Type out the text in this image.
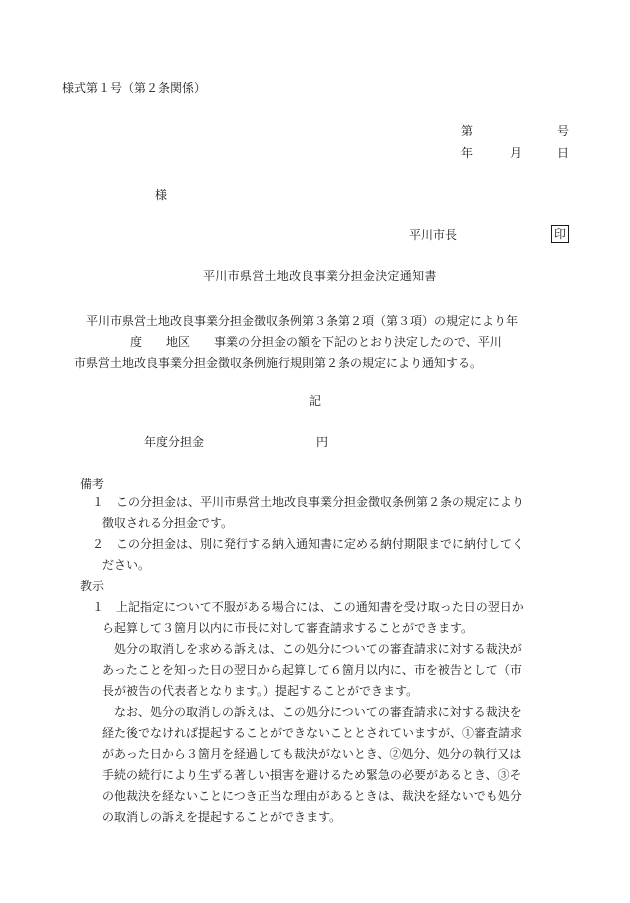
様式第１号（第２条関係）
第	号
年	月	日
様
平川市長	印
平川市県営土地改良事業分担金決定通知書
平川市県営土地改良事業分担金徴収条例第３条第２項（第３項）の規定により年
度　　地区　　事業の分担金の額を下記のとおり決定したので、平川
市県営土地改良事業分担金徴収条例施行規則第２条の規定により通知する。
記
年度分担金	円
備考
１　この分担金は、平川市県営土地改良事業分担金徴収条例第２条の規定により
徴収される分担金です。
２　この分担金は、別に発行する納入通知書に定める納付期限までに納付してく
ださい。
教示
１　上記指定について不服がある場合には、この通知書を受け取った日の翌日か
ら起算して３箇月以内に市長に対して審査請求することができます。
処分の取消しを求める訴えは、この処分についての審査請求に対する裁決が
あったことを知った日の翌日から起算して６箇月以内に、市を被告として（市
長が被告の代表者となります。）提起することができます。
なお、処分の取消しの訴えは、この処分についての審査請求に対する裁決を
経た後でなければ提起することができないこととされていますが、①審査請求
があった日から３箇月を経過しても裁決がないとき、②処分、処分の執行又は
手続の続行により生ずる著しい損害を避けるため緊急の必要があるとき、③そ
の他裁決を経ないことにつき正当な理由があるときは、裁決を経ないでも処分
の取消しの訴えを提起することができます。
